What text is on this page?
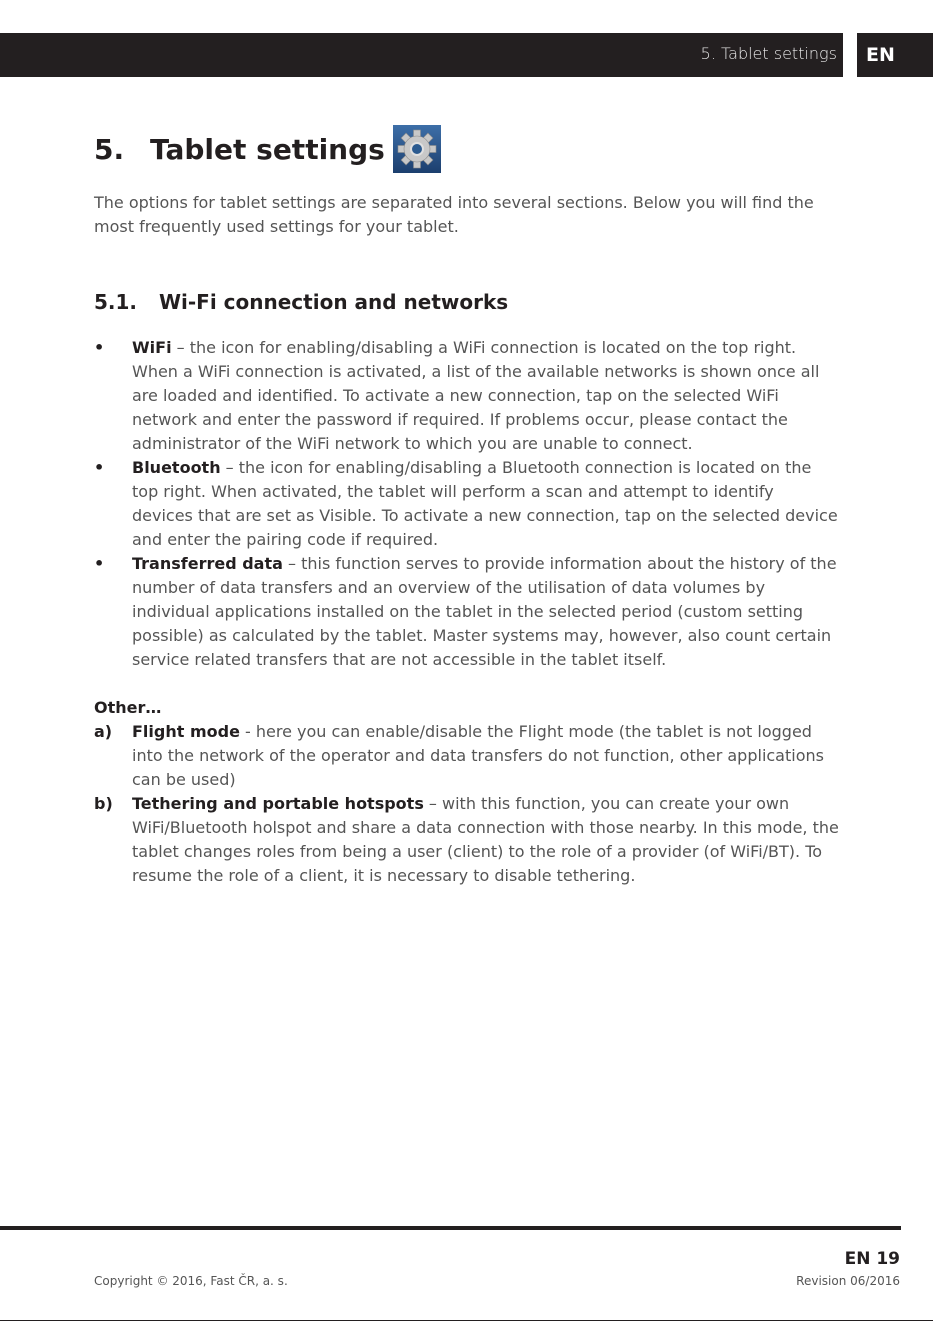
5. Tablet settings	EN
5. Tablet settings

The options for tablet settings are separated into several sections. Below you will find the most frequently used settings for your tablet.

5.1. Wi-Fi connection and networks

• WiFi – the icon for enabling/disabling a WiFi connection is located on the top right. When a WiFi connection is activated, a list of the available networks is shown once all are loaded and identified. To activate a new connection, tap on the selected WiFi network and enter the password if required. If problems occur, please contact the administrator of the WiFi network to which you are unable to connect.

• Bluetooth – the icon for enabling/disabling a Bluetooth connection is located on the top right. When activated, the tablet will perform a scan and attempt to identify devices that are set as Visible. To activate a new connection, tap on the selected device and enter the pairing code if required.

• Transferred data – this function serves to provide information about the history of the number of data transfers and an overview of the utilisation of data volumes by individual applications installed on the tablet in the selected period (custom setting possible) as calculated by the tablet. Master systems may, however, also count certain service related transfers that are not accessible in the tablet itself.

Other…

a) Flight mode - here you can enable/disable the Flight mode (the tablet is not logged into the network of the operator and data transfers do not function, other applications can be used)

b) Tethering and portable hotspots – with this function, you can create your own WiFi/Bluetooth holspot and share a data connection with those nearby. In this mode, the tablet changes roles from being a user (client) to the role of a provider (of WiFi/BT). To resume the role of a client, it is necessary to disable tethering.

EN 19
Copyright © 2016, Fast ČR, a. s.	Revision 06/2016
